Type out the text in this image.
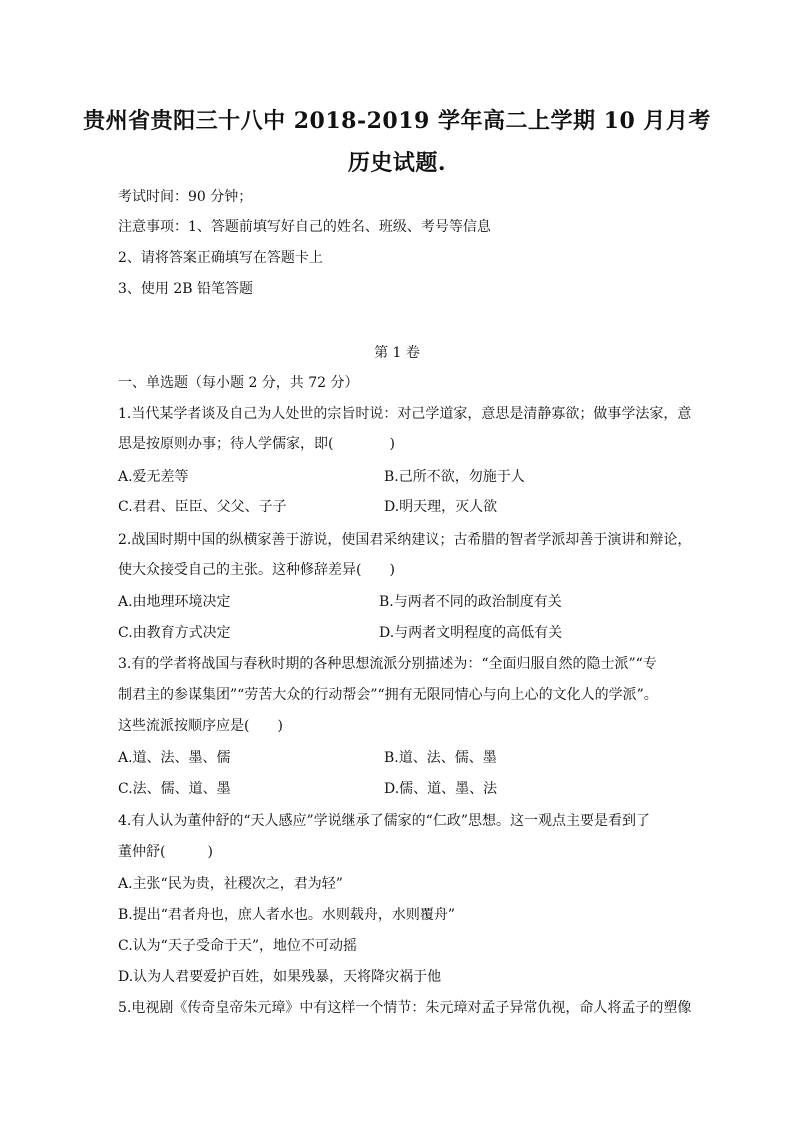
贵州省贵阳三十八中 2018-2019 学年高二上学期 10 月月考
历史试题.
考试时间：90 分钟；
注意事项：1、答题前填写好自己的姓名、班级、考号等信息
2、请将答案正确填写在答题卡上
3、使用 2B 铅笔答题
第 1 卷
一、单选题（每小题 2 分，共 72 分）
1.当代某学者谈及自己为人处世的宗旨时说：对己学道家，意思是清静寡欲；做事学法家，意
思是按原则办事；待人学儒家，即(　　　　)
A.爱无差等	B.己所不欲，勿施于人
C.君君、臣臣、父父、子子	D.明天理，灭人欲
2.战国时期中国的纵横家善于游说，使国君采纳建议；古希腊的智者学派却善于演讲和辩论，
使大众接受自己的主张。这种修辞差异(　　)
A.由地理环境决定	B.与两者不同的政治制度有关
C.由教育方式决定	D.与两者文明程度的高低有关
3.有的学者将战国与春秋时期的各种思想流派分别描述为：“全面归服自然的隐士派”“专
制君主的参谋集团”“劳苦大众的行动帮会”“拥有无限同情心与向上心的文化人的学派”。
这些流派按顺序应是(　　)
A.道、法、墨、儒	B.道、法、儒、墨
C.法、儒、道、墨	D.儒、道、墨、法
4.有人认为董仲舒的“天人感应”学说继承了儒家的“仁政”思想。这一观点主要是看到了
董仲舒(　　　)
A.主张“民为贵，社稷次之，君为轻”
B.提出“君者舟也，庶人者水也。水则载舟，水则覆舟”
C.认为“天子受命于天”，地位不可动摇
D.认为人君要爱护百姓，如果残暴，天将降灾祸于他
5.电视剧《传奇皇帝朱元璋》中有这样一个情节：朱元璋对孟子异常仇视，命人将孟子的塑像
